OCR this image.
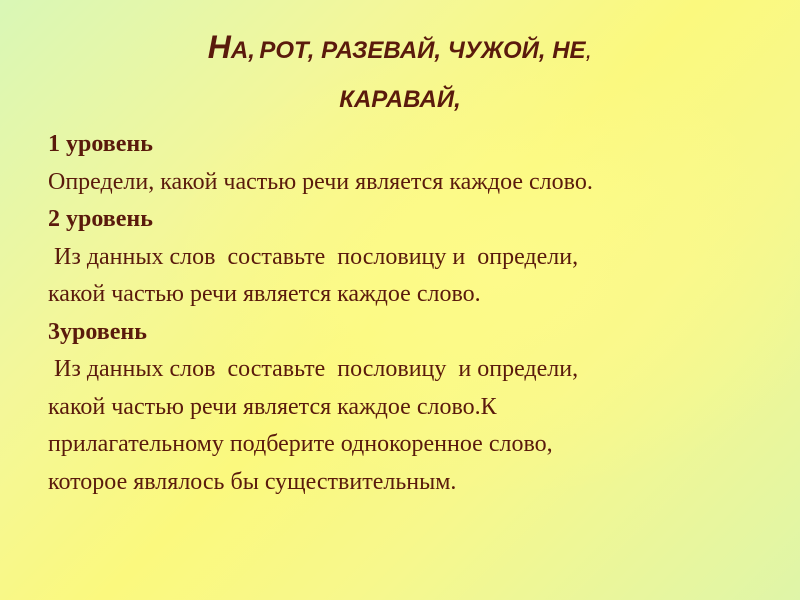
НА, РОТ, РАЗЕВАЙ, ЧУЖОЙ, НЕ,
КАРАВАЙ,
1 уровень
Определи, какой частью речи является каждое слово.
2 уровень
Из данных слов  составьте  пословицу и  определи,
какой частью речи является каждое слово.
3уровень
Из данных слов  составьте  пословицу  и определи,
какой частью речи является каждое слово.К
прилагательному подберите однокоренное слово,
которое являлось бы существительным.
